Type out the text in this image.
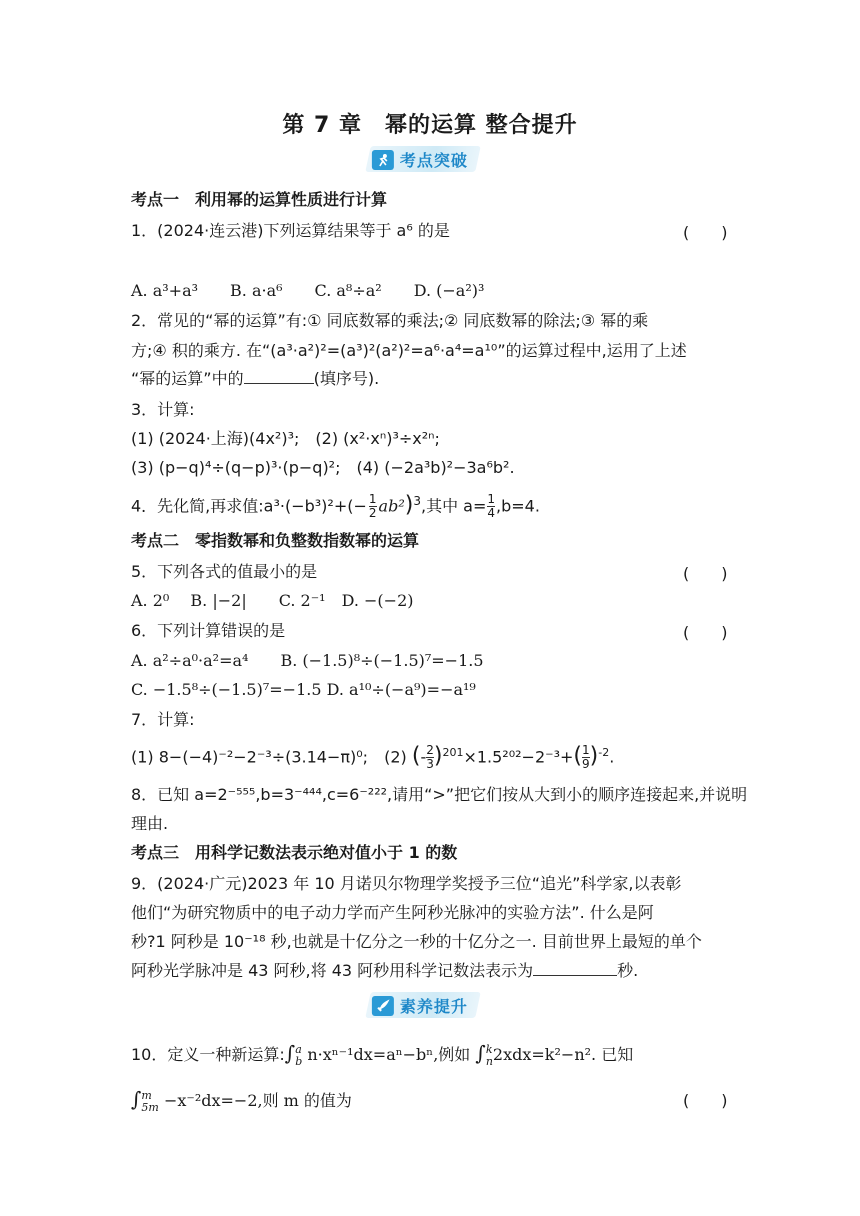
第 7 章　幂的运算 整合提升
考点突破
考点一　利用幂的运算性质进行计算
1．(2024·连云港)下列运算结果等于 a⁶ 的是	(　　)
A. a³+a³　　B. a·a⁶　　C. a⁸÷a²　　D. (−a²)³
2．常见的“幂的运算”有:① 同底数幂的乘法;② 同底数幂的除法;③ 幂的乘
方;④ 积的乘方. 在“(a³·a²)²=(a³)²(a²)²=a⁶·a⁴=a¹⁰”的运算过程中,运用了上述
“幂的运算”中的	(填序号).
3．计算:
(1) (2024·上海)(4x²)³;　(2) (x²·xⁿ)³÷x²ⁿ;
(3) (p−q)⁴÷(q−p)³·(p−q)²;　(4) (−2a³b)²−3a⁶b².
4．先化简,再求值:a³·(−b³)²+(− $\frac{1}{2} ab^2)^3$,其中 $a= \frac{1}{4} ,b=4$.
考点二　零指数幂和负整数指数幂的运算
5．下列各式的值最小的是	(　　)
A. 2⁰　 B. |−2|　　C. 2⁻¹　D. −(−2)
6．下列计算错误的是	(　　)
A. a²÷a⁰·a²=a⁴　　B. (−1.5)⁸÷(−1.5)⁷=−1.5
C. −1.5⁸÷(−1.5)⁷=−1.5 D. a¹⁰÷(−a⁹)=−a¹⁹
7．计算:
(1) 8−(−4)⁻²−2⁻³÷(3.14−π)⁰;　(2) (- $\frac{2}{3} )^{201}\times 1.5^{202}-2^{-3}+( \frac{1}{9} )^{-2}$.
8．已知 a=2⁻⁵⁵⁵,b=3⁻⁴⁴⁴,c=6⁻²²²,请用“>”把它们按从大到小的顺序连接起来,并说明
理由.
考点三　用科学记数法表示绝对值小于 1 的数
9．(2024·广元)2023 年 10 月诺贝尔物理学奖授予三位“追光”科学家,以表彰
他们“为研究物质中的电子动力学而产生阿秒光脉冲的实验方法”. 什么是阿
秒?1 阿秒是 10⁻¹⁸ 秒,也就是十亿分之一秒的十亿分之一. 目前世界上最短的单个
阿秒光学脉冲是 43 阿秒,将 43 阿秒用科学记数法表示为	秒.
素养提升
10．定义一种新运算:∫ a
b n·xⁿ⁻¹dx=aⁿ−bⁿ,例如 ∫ k
n 2xdx=k²−n². 已知
∫ m
5m −x⁻²dx=−2,则 m 的值为	(　　)
